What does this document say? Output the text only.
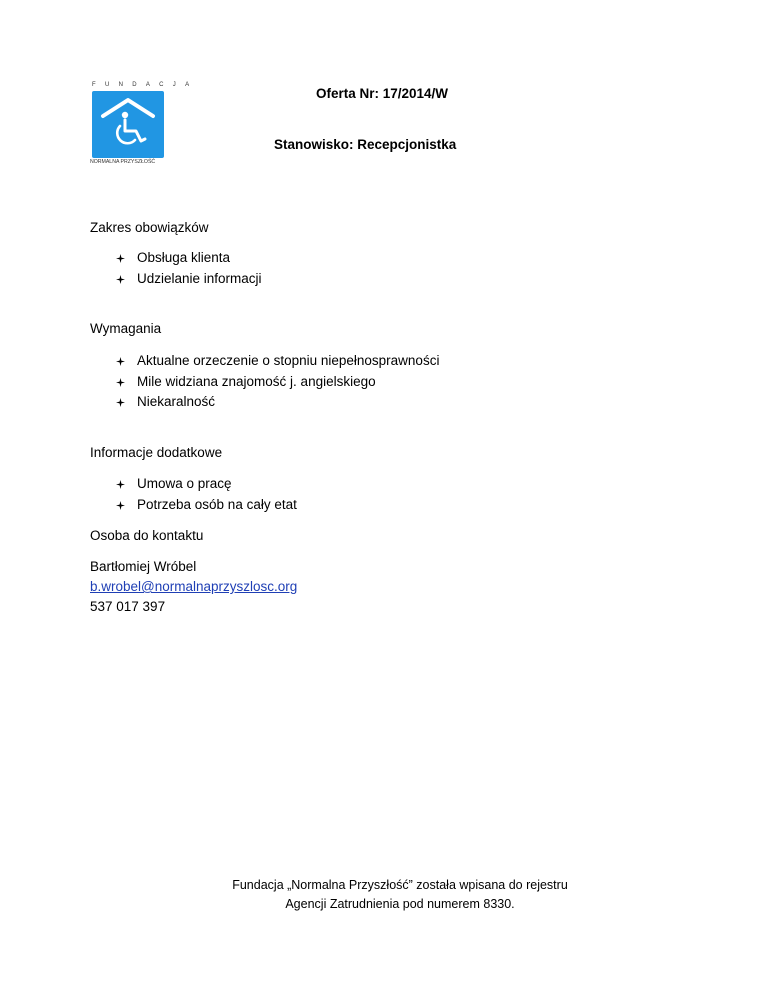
FUNDACJA
NORMALNA PRZYSZŁOŚĆ
Oferta Nr: 17/2014/W
Stanowisko: Recepcjonistka
Zakres obowiązków
Obsługa klienta
Udzielanie informacji
Wymagania
Aktualne orzeczenie o stopniu niepełnosprawności
Mile widziana znajomość j. angielskiego
Niekaralność
Informacje dodatkowe
Umowa o pracę
Potrzeba osób na cały etat
Osoba do kontaktu
Bartłomiej Wróbel
b.wrobel@normalnaprzyszlosc.org
537 017 397
Fundacja „Normalna Przyszłość” została wpisana do rejestru
Agencji Zatrudnienia pod numerem 8330.
